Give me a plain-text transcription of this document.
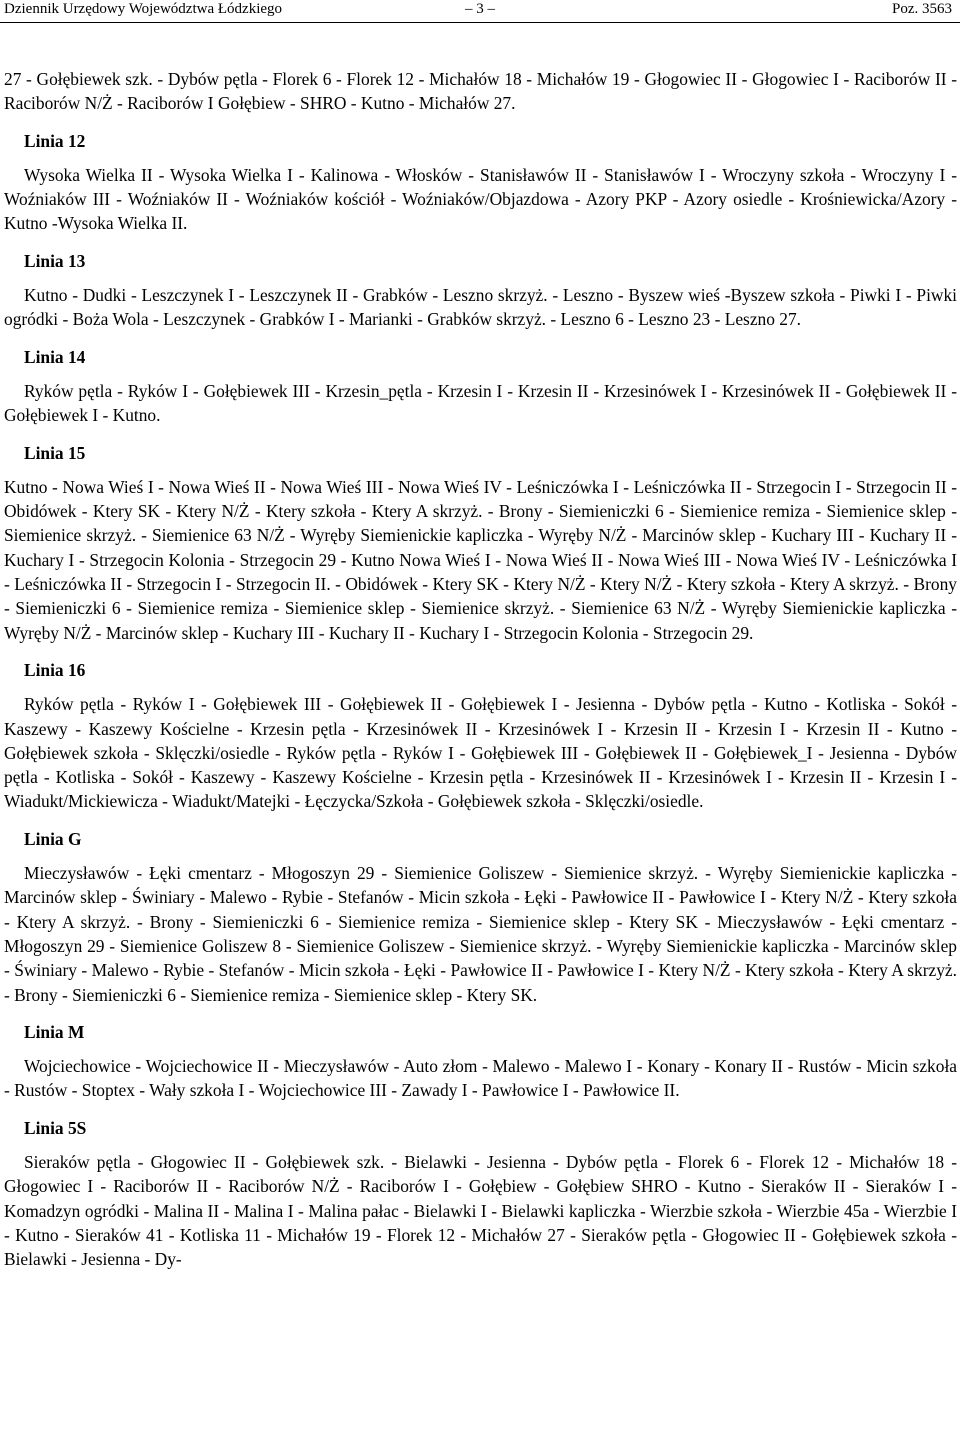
Dziennik Urzędowy Województwa Łódzkiego	– 3 –	Poz. 3563

27 - Gołębiewek szk. - Dybów pętla - Florek 6 - Florek 12 - Michałów 18 - Michałów 19 - Głogowiec II - Głogowiec I - Raciborów II - Raciborów N/Ż - Raciborów I Gołębiew - SHRO - Kutno - Michałów 27.

Linia 12

Wysoka Wielka II - Wysoka Wielka I - Kalinowa - Włosków - Stanisławów II - Stanisławów I - Wroczyny szkoła - Wroczyny I - Woźniaków III - Woźniaków II - Woźniaków kościół - Woźniaków/Objazdowa - Azory PKP - Azory osiedle - Krośniewicka/Azory - Kutno -Wysoka Wielka II.

Linia 13

Kutno - Dudki - Leszczynek I - Leszczynek II - Grabków - Leszno skrzyż. - Leszno - Byszew wieś -Byszew szkoła - Piwki I - Piwki ogródki - Boża Wola - Leszczynek - Grabków I - Marianki - Grabków skrzyż. - Leszno 6 - Leszno 23 - Leszno 27.

Linia 14

Ryków pętla - Ryków I - Gołębiewek III - Krzesin_pętla - Krzesin I - Krzesin II - Krzesinówek I - Krzesinówek II - Gołębiewek II - Gołębiewek I - Kutno.

Linia 15

Kutno - Nowa Wieś I - Nowa Wieś II - Nowa Wieś III - Nowa Wieś IV - Leśniczówka I - Leśniczówka II - Strzegocin I - Strzegocin II - Obidówek - Ktery SK - Ktery N/Ż - Ktery szkoła - Ktery A skrzyż. - Brony - Siemieniczki 6 - Siemienice remiza - Siemienice sklep - Siemienice skrzyż. - Siemienice 63 N/Ż - Wyręby Siemienickie kapliczka - Wyręby N/Ż - Marcinów sklep - Kuchary III - Kuchary II - Kuchary I - Strzegocin Kolonia - Strzegocin 29 - Kutno Nowa Wieś I - Nowa Wieś II - Nowa Wieś III - Nowa Wieś IV - Leśniczówka I - Leśniczówka II - Strzegocin I - Strzegocin II. - Obidówek - Ktery SK - Ktery N/Ż - Ktery N/Ż - Ktery szkoła - Ktery A skrzyż. - Brony - Siemieniczki 6 - Siemienice remiza - Siemienice sklep - Siemienice skrzyż. - Siemienice 63 N/Ż - Wyręby Siemienickie kapliczka - Wyręby N/Ż - Marcinów sklep - Kuchary III - Kuchary II - Kuchary I - Strzegocin Kolonia - Strzegocin 29.

Linia 16

Ryków pętla - Ryków I - Gołębiewek III - Gołębiewek II - Gołębiewek I - Jesienna - Dybów pętla - Kutno - Kotliska - Sokół - Kaszewy - Kaszewy Kościelne - Krzesin pętla - Krzesinówek II - Krzesinówek I - Krzesin II - Krzesin I - Krzesin II - Kutno - Gołębiewek szkoła - Sklęczki/osiedle - Ryków pętla - Ryków I - Gołębiewek III - Gołębiewek II - Gołębiewek_I - Jesienna - Dybów pętla - Kotliska - Sokół - Kaszewy - Kaszewy Kościelne - Krzesin pętla - Krzesinówek II - Krzesinówek I - Krzesin II - Krzesin I - Wiadukt/Mickiewicza - Wiadukt/Matejki - Łęczycka/Szkoła - Gołębiewek szkoła - Sklęczki/osiedle.

Linia G

Mieczysławów - Łęki cmentarz - Młogoszyn 29 - Siemienice Goliszew - Siemienice skrzyż. - Wyręby Siemienickie kapliczka - Marcinów sklep - Świniary - Malewo - Rybie - Stefanów - Micin szkoła - Łęki - Pawłowice II - Pawłowice I - Ktery N/Ż - Ktery szkoła - Ktery A skrzyż. - Brony - Siemieniczki 6 - Siemienice remiza - Siemienice sklep - Ktery SK - Mieczysławów - Łęki cmentarz - Młogoszyn 29 - Siemienice Goliszew 8 - Siemienice Goliszew - Siemienice skrzyż. - Wyręby Siemienickie kapliczka - Marcinów sklep - Świniary - Malewo - Rybie - Stefanów - Micin szkoła - Łęki - Pawłowice II - Pawłowice I - Ktery N/Ż - Ktery szkoła - Ktery A skrzyż. - Brony - Siemieniczki 6 - Siemienice remiza - Siemienice sklep - Ktery SK.

Linia M

Wojciechowice - Wojciechowice II - Mieczysławów - Auto złom - Malewo - Malewo I - Konary - Konary II - Rustów - Micin szkoła - Rustów - Stoptex - Wały szkoła I - Wojciechowice III - Zawady I - Pawłowice I - Pawłowice II.

Linia 5S

Sieraków pętla - Głogowiec II - Gołębiewek szk. - Bielawki - Jesienna - Dybów pętla - Florek 6 - Florek 12 - Michałów 18 - Głogowiec I - Raciborów II - Raciborów N/Ż - Raciborów I - Gołębiew - Gołębiew SHRO - Kutno - Sieraków II - Sieraków I - Komadzyn ogródki - Malina II - Malina I - Malina pałac - Bielawki I - Bielawki kapliczka - Wierzbie szkoła - Wierzbie 45a - Wierzbie I - Kutno - Sieraków 41 - Kotliska 11 - Michałów 19 - Florek 12 - Michałów 27 - Sieraków pętla - Głogowiec II - Gołębiewek szkoła - Bielawki - Jesienna - Dy-
